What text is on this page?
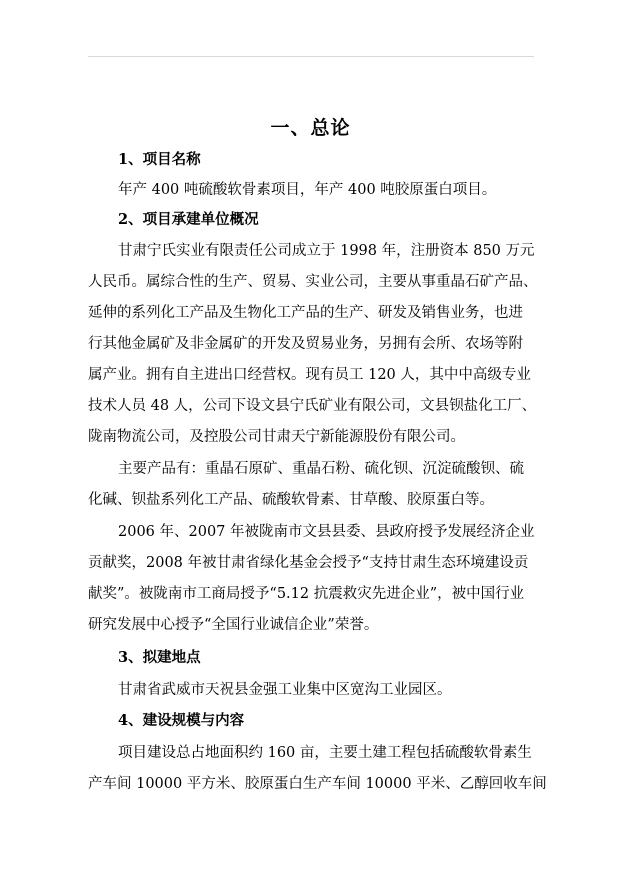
一、总论
1、项目名称
年产 400 吨硫酸软骨素项目，年产 400 吨胶原蛋白项目。
2、项目承建单位概况
甘肃宁氏实业有限责任公司成立于 1998 年，注册资本 850 万元
人民币。属综合性的生产、贸易、实业公司，主要从事重晶石矿产品、
延伸的系列化工产品及生物化工产品的生产、研发及销售业务，也进
行其他金属矿及非金属矿的开发及贸易业务，另拥有会所、农场等附
属产业。拥有自主进出口经营权。现有员工 120 人，其中中高级专业
技术人员 48 人，公司下设文县宁氏矿业有限公司，文县钡盐化工厂、
陇南物流公司，及控股公司甘肃天宁新能源股份有限公司。
主要产品有：重晶石原矿、重晶石粉、硫化钡、沉淀硫酸钡、硫
化碱、钡盐系列化工产品、硫酸软骨素、甘草酸、胶原蛋白等。
2006 年、2007 年被陇南市文县县委、县政府授予发展经济企业
贡献奖，2008 年被甘肃省绿化基金会授予“支持甘肃生态环境建设贡
献奖”。被陇南市工商局授予“5.12 抗震救灾先进企业”，被中国行业
研究发展中心授予“全国行业诚信企业”荣誉。
3、拟建地点
甘肃省武威市天祝县金强工业集中区宽沟工业园区。
4、建设规模与内容
项目建设总占地面积约 160 亩，主要土建工程包括硫酸软骨素生
产车间 10000 平方米、胶原蛋白生产车间 10000 平米、乙醇回收车间
